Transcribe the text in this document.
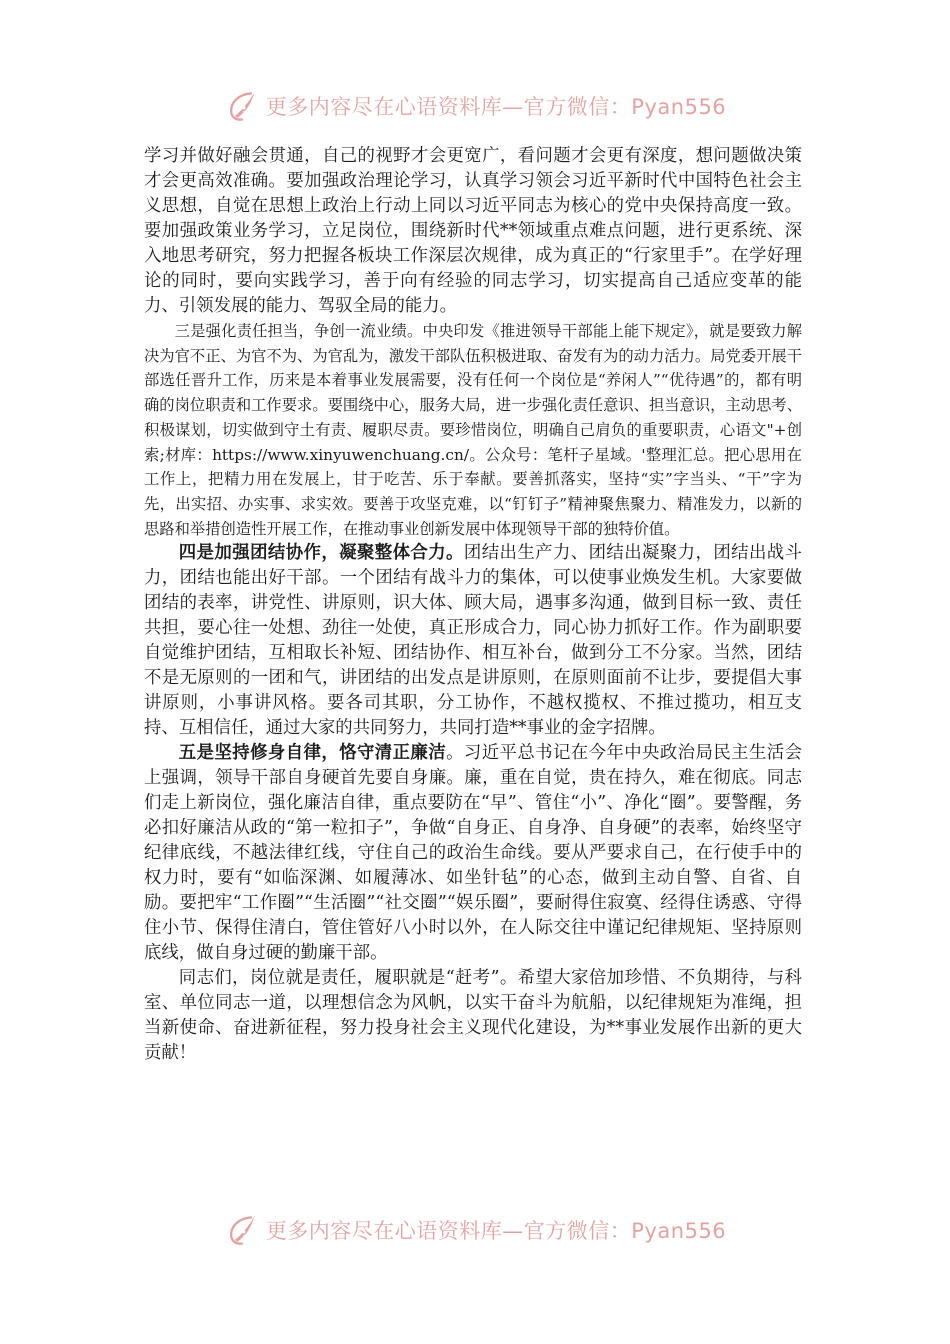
更多内容尽在心语资料库—官方微信：Pyan556

学习并做好融会贯通，自己的视野才会更宽广，看问题才会更有深度，想问题做决策才会更高效准确。要加强政治理论学习，认真学习领会习近平新时代中国特色社会主义思想，自觉在思想上政治上行动上同以习近平同志为核心的党中央保持高度一致。要加强政策业务学习，立足岗位，围绕新时代**领域重点难点问题，进行更系统、深入地思考研究，努力把握各板块工作深层次规律，成为真正的“行家里手”。在学好理论的同时，要向实践学习，善于向有经验的同志学习，切实提高自己适应变革的能力、引领发展的能力、驾驭全局的能力。

三是强化责任担当，争创一流业绩。中央印发《推进领导干部能上能下规定》，就是要致力解决为官不正、为官不为、为官乱为，激发干部队伍积极进取、奋发有为的动力活力。局党委开展干部选任晋升工作，历来是本着事业发展需要，没有任何一个岗位是“养闲人”“优待遇”的，都有明确的岗位职责和工作要求。要围绕中心，服务大局，进一步强化责任意识、担当意识，主动思考、积极谋划，切实做到守土有责、履职尽责。要珍惜岗位，明确自己肩负的重要职责，心语文"+创索;材库：https://www.xinyuwenchuang.cn/。公众号：笔杆子星域。'整理汇总。把心思用在工作上，把精力用在发展上，甘于吃苦、乐于奉献。要善抓落实，坚持“实”字当头、“干”字为先，出实招、办实事、求实效。要善于攻坚克难，以“钉钉子”精神聚焦聚力、精准发力，以新的思路和举措创造性开展工作，在推动事业创新发展中体现领导干部的独特价值。

四是加强团结协作，凝聚整体合力。团结出生产力、团结出凝聚力，团结出战斗力，团结也能出好干部。一个团结有战斗力的集体，可以使事业焕发生机。大家要做团结的表率，讲党性、讲原则，识大体、顾大局，遇事多沟通，做到目标一致、责任共担，要心往一处想、劲往一处使，真正形成合力，同心协力抓好工作。作为副职要自觉维护团结，互相取长补短、团结协作、相互补台，做到分工不分家。当然，团结不是无原则的一团和气，讲团结的出发点是讲原则，在原则面前不让步，要提倡大事讲原则，小事讲风格。要各司其职，分工协作，不越权揽权、不推过揽功，相互支持、互相信任，通过大家的共同努力，共同打造**事业的金字招牌。

五是坚持修身自律，恪守清正廉洁。习近平总书记在今年中央政治局民主生活会上强调，领导干部自身硬首先要自身廉。廉，重在自觉，贵在持久，难在彻底。同志们走上新岗位，强化廉洁自律，重点要防在“早”、管住“小”、净化“圈”。要警醒，务必扣好廉洁从政的“第一粒扣子”，争做“自身正、自身净、自身硬”的表率，始终坚守纪律底线，不越法律红线，守住自己的政治生命线。要从严要求自己，在行使手中的权力时，要有“如临深渊、如履薄冰、如坐针毡”的心态，做到主动自警、自省、自励。要把牢“工作圈”“生活圈”“社交圈”“娱乐圈”，要耐得住寂寞、经得住诱惑、守得住小节、保得住清白，管住管好八小时以外，在人际交往中谨记纪律规矩、坚持原则底线，做自身过硬的勤廉干部。

同志们，岗位就是责任，履职就是“赶考”。希望大家倍加珍惜、不负期待，与科室、单位同志一道，以理想信念为风帆，以实干奋斗为航船，以纪律规矩为准绳，担当新使命、奋进新征程，努力投身社会主义现代化建设，为**事业发展作出新的更大贡献！

更多内容尽在心语资料库—官方微信：Pyan556
